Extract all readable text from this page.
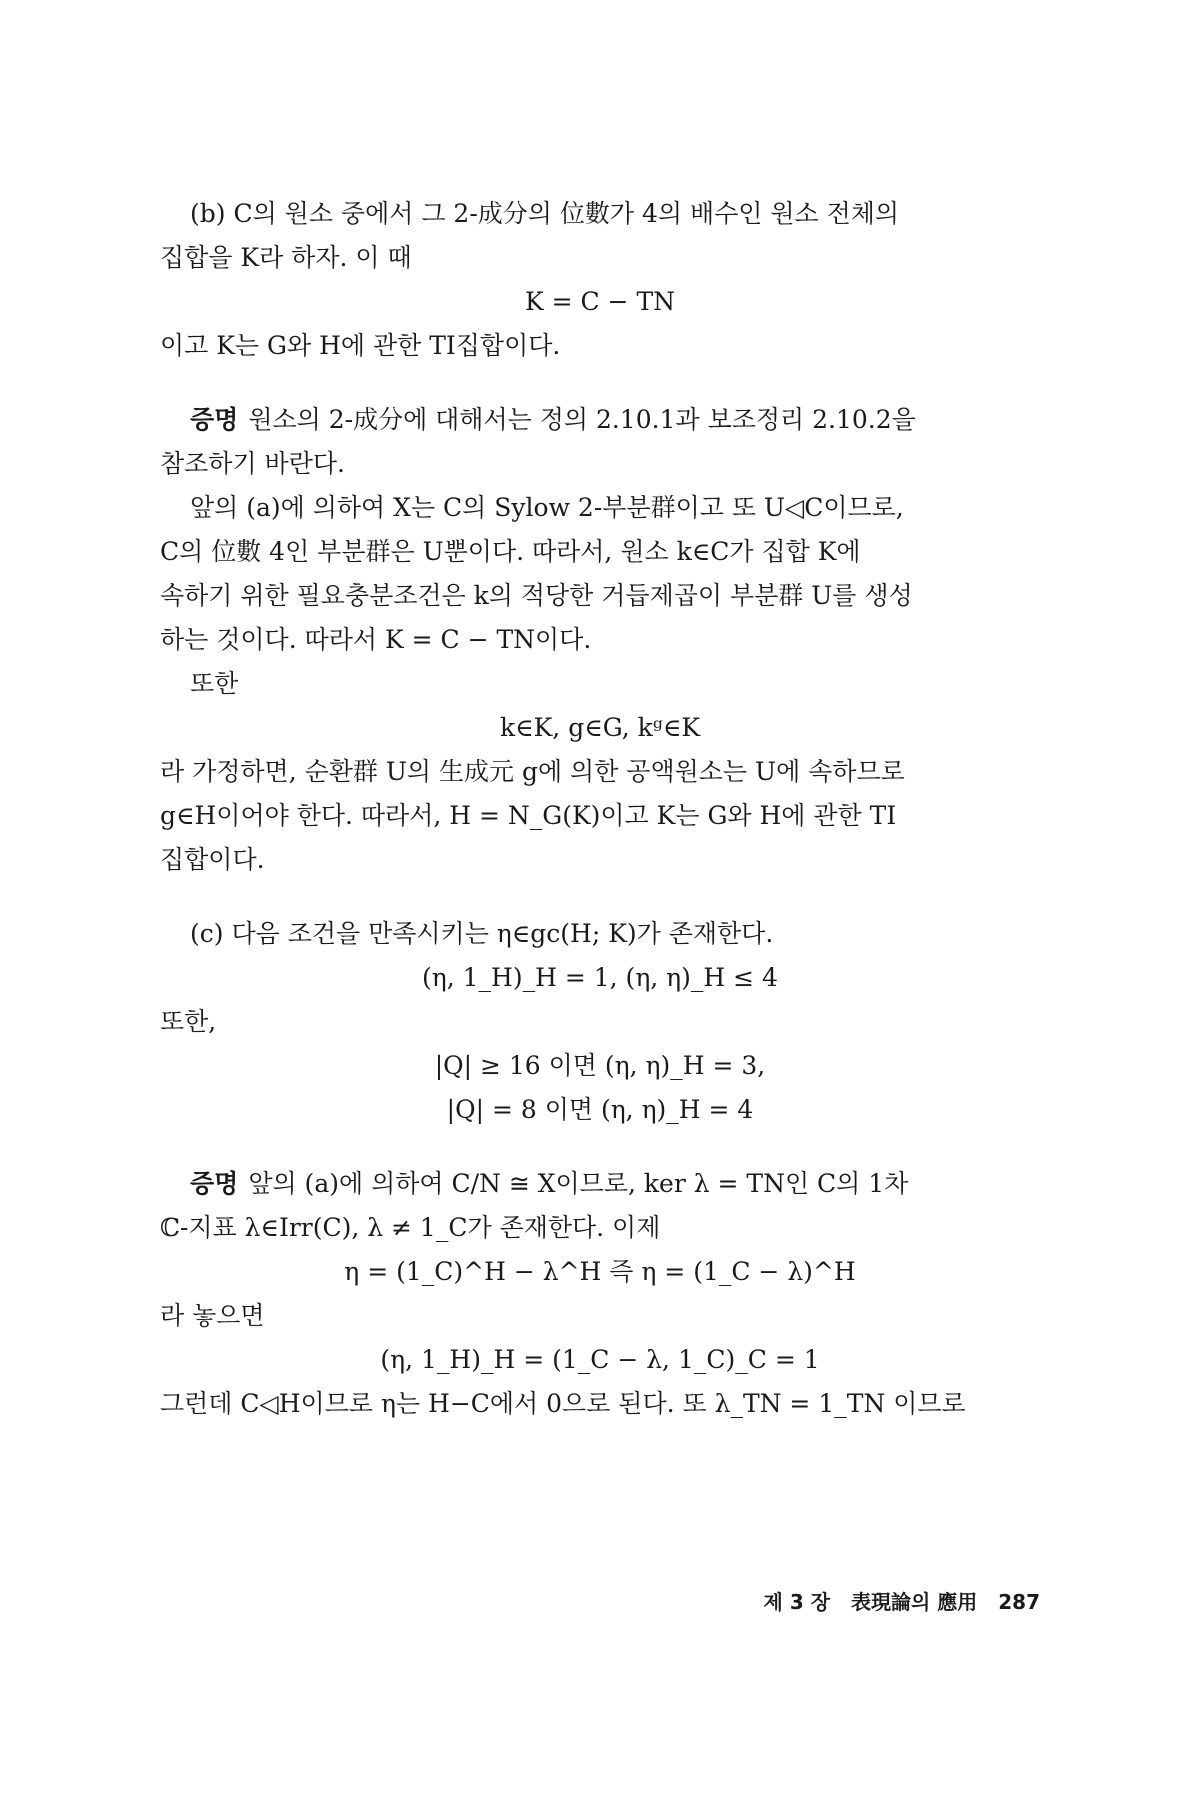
(b) C의 원소 중에서 그 2-成分의 位數가 4의 배수인 원소 전체의

집합을 K라 하자. 이 때

K = C − TN

이고 K는 G와 H에 관한 TI집합이다.

증명 원소의 2-成分에 대해서는 정의 2.10.1과 보조정리 2.10.2을

참조하기 바란다.

앞의 (a)에 의하여 X는 C의 Sylow 2-부분群이고 또 U◁C이므로,

C의 位數 4인 부분群은 U뿐이다. 따라서, 원소 k∈C가 집합 K에

속하기 위한 필요충분조건은 k의 적당한 거듭제곱이 부분群 U를 생성

하는 것이다. 따라서 K = C − TN이다.

또한

k∈K, g∈G, kᵍ∈K

라 가정하면, 순환群 U의 生成元 g에 의한 공액원소는 U에 속하므로

g∈H이어야 한다. 따라서, H = N_G(K)이고 K는 G와 H에 관한 TI

집합이다.

(c) 다음 조건을 만족시키는 η∈gc(H; K)가 존재한다.

(η, 1_H)_H = 1, (η, η)_H ≤ 4

또한,

|Q| ≥ 16 이면 (η, η)_H = 3,

|Q| = 8 이면 (η, η)_H = 4

증명 앞의 (a)에 의하여 C/N ≅ X이므로, ker λ = TN인 C의 1차

ℂ-지표 λ∈Irr(C), λ ≠ 1_C가 존재한다. 이제

η = (1_C)^H − λ^H 즉 η = (1_C − λ)^H

라 놓으면

(η, 1_H)_H = (1_C − λ, 1_C)_C = 1

그런데 C◁H이므로 η는 H−C에서 0으로 된다. 또 λ_TN = 1_TN 이므로

제 3 장 表現論의 應用 287
